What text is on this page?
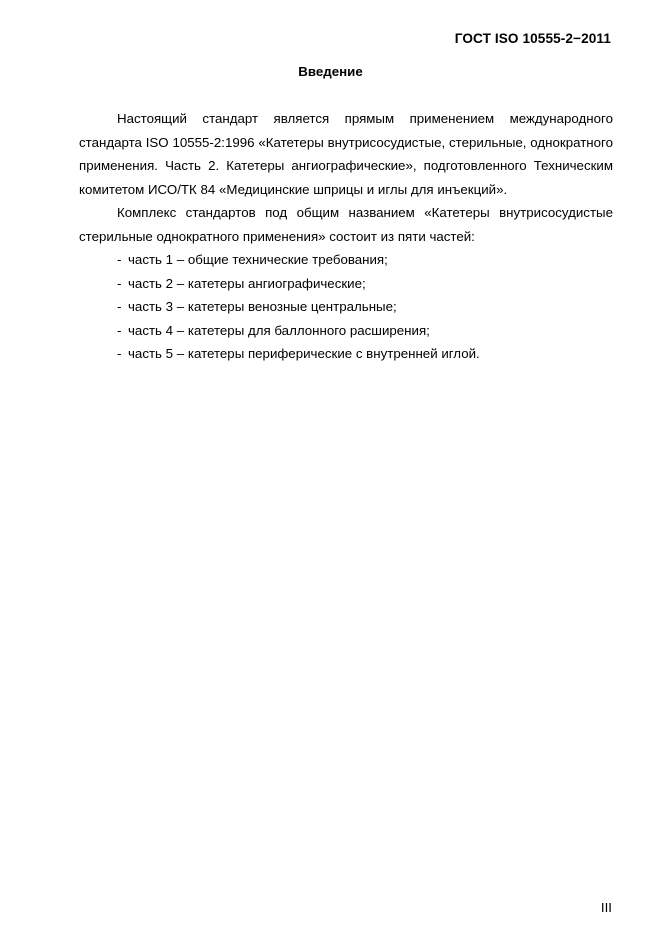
ГОСТ ISO 10555-2−2011
Введение

Настоящий стандарт является прямым применением международного стандарта ISO 10555-2:1996 «Катетеры внутрисосудистые, стерильные, однократного применения. Часть 2. Катетеры ангиографические», подготовленного Техническим комитетом ИСО/ТК 84 «Медицинские шприцы и иглы для инъекций».

Комплекс стандартов под общим названием «Катетеры внутрисосудистые стерильные однократного применения» состоит из пяти частей:

- часть 1 – общие технические требования;
- часть 2 – катетеры ангиографические;
- часть 3 – катетеры венозные центральные;
- часть 4 – катетеры для баллонного расширения;
- часть 5 – катетеры периферические с внутренней иглой.
III
